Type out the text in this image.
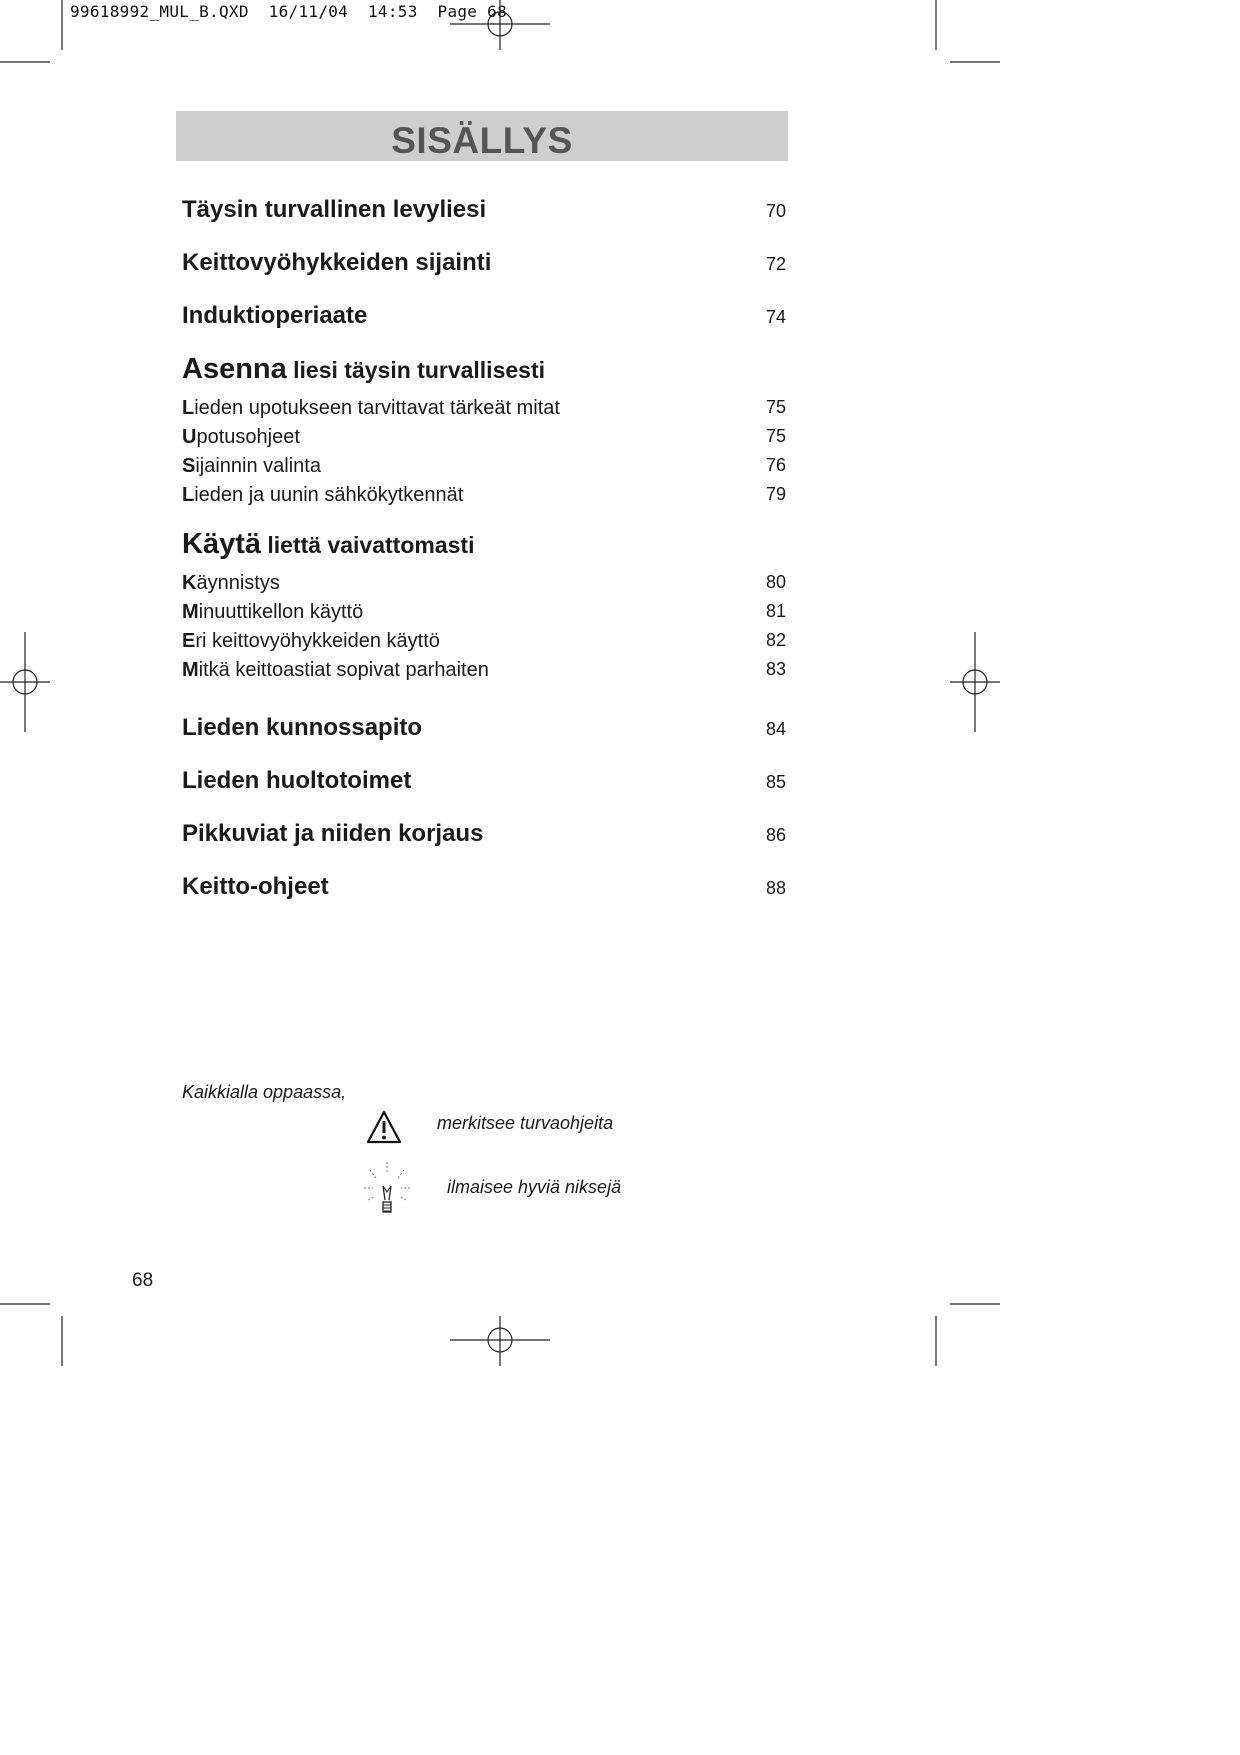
99618992_MUL_B.QXD  16/11/04  14:53  Page 68
SISÄLLYS
Täysin turvallinen levyliesi	70
Keittovyöhykkeiden sijainti	72
Induktioperiaate	74
Asenna liesi täysin turvallisesti
Lieden upotukseen tarvittavat tärkeät mitat	75
Upotusohjeet	75
Sijainnin valinta	76
Lieden ja uunin sähkökytkennät	79
Käytä liettä vaivattomasti
Käynnistys	80
Minuuttikellon käyttö	81
Eri keittovyöhykkeiden käyttö	82
Mitkä keittoastiat sopivat parhaiten	83
Lieden kunnossapito	84
Lieden huoltotoimet	85
Pikkuviat ja niiden korjaus	86
Keitto-ohjeet	88
Kaikkialla oppaassa,
merkitsee turvaohjeita
ilmaisee hyviä niksejä
68
